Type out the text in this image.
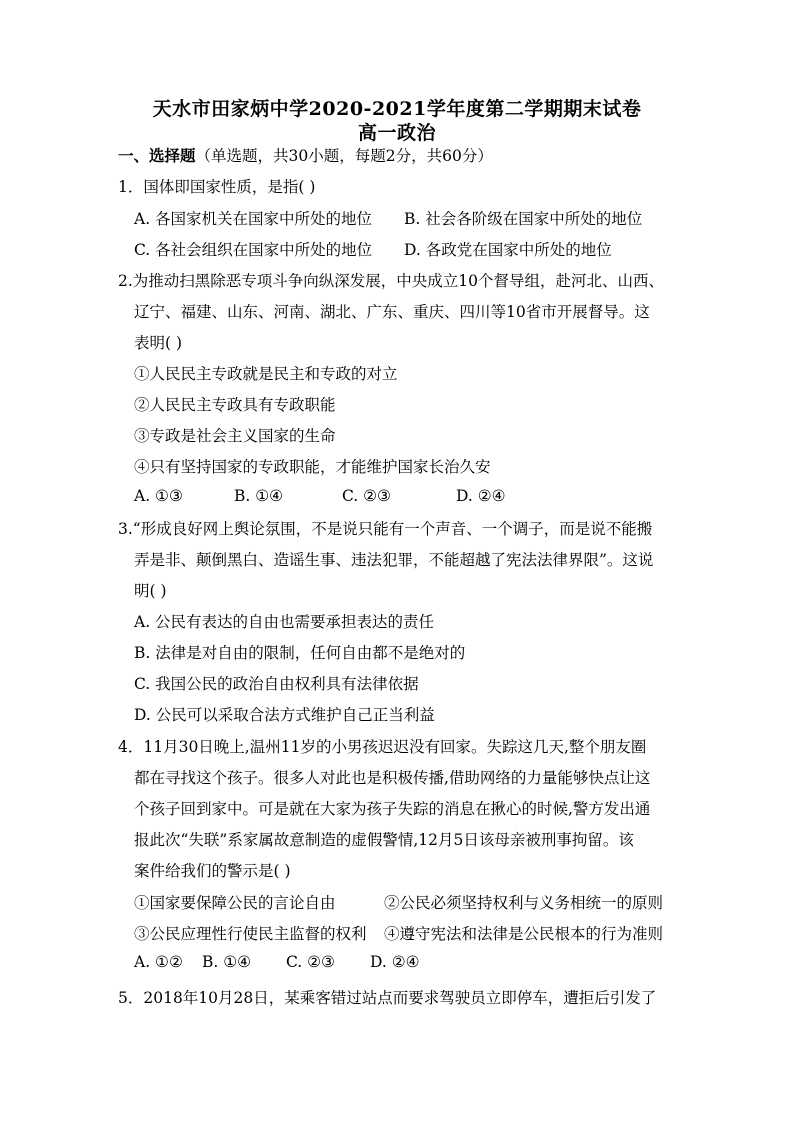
天水市田家炳中学2020-2021学年度第二学期期末试卷
高一政治
一、选择题（单选题，共30小题，每题2分，共60分）
1．国体即国家性质，是指( )
A. 各国家机关在国家中所处的地位 B. 社会各阶级在国家中所处的地位
C. 各社会组织在国家中所处的地位 D. 各政党在国家中所处的地位
2.为推动扫黑除恶专项斗争向纵深发展，中央成立10个督导组，赴河北、山西、
辽宁、福建、山东、河南、湖北、广东、重庆、四川等10省市开展督导。这
表明( )
①人民民主专政就是民主和专政的对立
②人民民主专政具有专政职能
③专政是社会主义国家的生命
④只有坚持国家的专政职能，才能维护国家长治久安
A. ①③	B. ①④	C. ②③	D. ②④
3.“形成良好网上舆论氛围，不是说只能有一个声音、一个调子，而是说不能搬
弄是非、颠倒黑白、造谣生事、违法犯罪，不能超越了宪法法律界限”。这说
明( )
A. 公民有表达的自由也需要承担表达的责任
B. 法律是对自由的限制，任何自由都不是绝对的
C. 我国公民的政治自由权利具有法律依据
D. 公民可以采取合法方式维护自己正当利益
4．11月30日晚上,温州11岁的小男孩迟迟没有回家。失踪这几天,整个朋友圈
都在寻找这个孩子。很多人对此也是积极传播,借助网络的力量能够快点让这
个孩子回到家中。可是就在大家为孩子失踪的消息在揪心的时候,警方发出通
报此次“失联”系家属故意制造的虚假警情,12月5日该母亲被刑事拘留。该
案件给我们的警示是( )
①国家要保障公民的言论自由	②公民必须坚持权利与义务相统一的原则
③公民应理性行使民主监督的权利 ④遵守宪法和法律是公民根本的行为准则
A. ①② B. ①④ C. ②③ D. ②④
5．2018年10月28日，某乘客错过站点而要求驾驶员立即停车，遭拒后引发了
